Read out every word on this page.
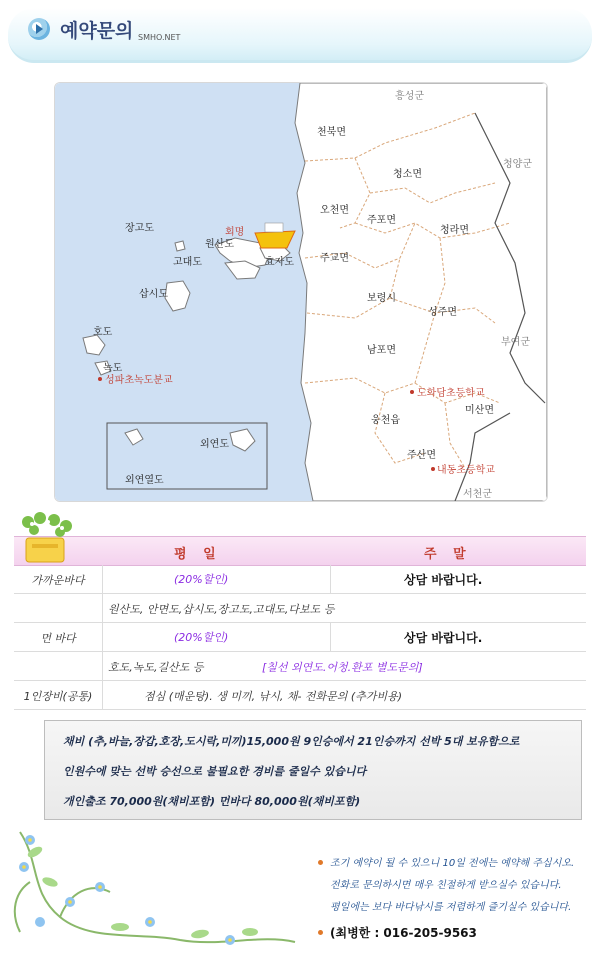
예약문의 SMHO.NET
흥성군
천북면
청소면
청양군
오천면
주포면
청라면
주교면
보령시
성주면
부여군
남포면
미산면
웅천읍
주산면
서천군
장고도
원산도
고대도	효자도
삽시도
호도
녹도
외연도
외연열도
회명
도화담초등학교
성파초녹도분교
내동초등학교
평 일	주 말
가까운바다	(20%할인)	상담 바랍니다.
원산도, 안면도,삽시도,장고도,고대도,다보도 등
먼 바다	(20%할인)	상담 바랍니다.
호도,녹도,길산도 등	[칠선 외연도.어청.환포 별도문의]
1인장비(공통)	점심 (매운탕). 생 미끼, 낚시, 채- 전화문의 (추가비용)
채비 (추,바늘,장갑,호장,도시락,미끼)15,000원 9인승에서 21인승까지 선박 5대 보유함으로
인원수에 맞는 선박 승선으로 불필요한 경비를 줄일수 있습니다
개인출조 70,000원(채비포함) 먼바다 80,000원(채비포함)
조기 예약이 될 수 있으니 10일 전에는 예약해 주십시오.
전화로 문의하시면 매우 친절하게 받으실수 있습니다.
평일에는 보다 바다낚시를 저렴하게 즐기실수 있습니다.
(최병한 : 016-205-9563
